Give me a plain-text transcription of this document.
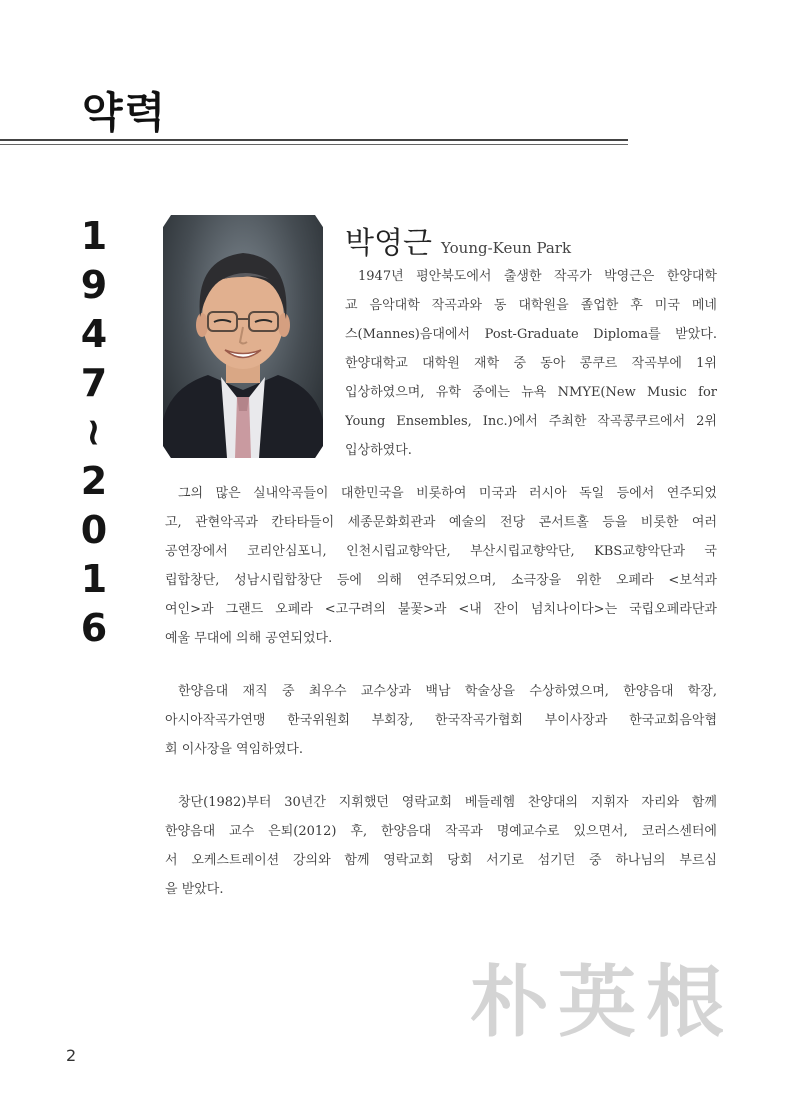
약력
1
9
4
7
~
2
0
1
6
박영근 Young-Keun Park

1947년 평안북도에서 출생한 작곡가 박영근은 한양대학
교 음악대학 작곡과와 동 대학원을 졸업한 후 미국 메네
스(Mannes)음대에서 Post-Graduate Diploma를 받았다.
한양대학교 대학원 재학 중 동아 콩쿠르 작곡부에 1위
입상하였으며, 유학 중에는 뉴욕 NMYE(New Music for
Young Ensembles, Inc.)에서 주최한 작곡콩쿠르에서 2위
입상하였다.

그의 많은 실내악곡들이 대한민국을 비롯하여 미국과 러시아 독일 등에서 연주되었
고, 관현악곡과 칸타타들이 세종문화회관과 예술의 전당 콘서트홀 등을 비롯한 여러
공연장에서 코리안심포니, 인천시립교향악단, 부산시립교향악단, KBS교향악단과 국
립합창단, 성남시립합창단 등에 의해 연주되었으며, 소극장을 위한 오페라 <보석과
여인>과 그랜드 오페라 <고구려의 불꽃>과 <내 잔이 넘치나이다>는 국립오페라단과
예울 무대에 의해 공연되었다.

한양음대 재직 중 최우수 교수상과 백남 학술상을 수상하였으며, 한양음대 학장,
아시아작곡가연맹 한국위원회 부회장, 한국작곡가협회 부이사장과 한국교회음악협
회 이사장을 역임하였다.

창단(1982)부터 30년간 지휘했던 영락교회 베들레헴 찬양대의 지휘자 자리와 함께
한양음대 교수 은퇴(2012) 후, 한양음대 작곡과 명예교수로 있으면서, 코러스센터에
서 오케스트레이션 강의와 함께 영락교회 당회 서기로 섬기던 중 하나님의 부르심
을 받았다.

朴英根
2
